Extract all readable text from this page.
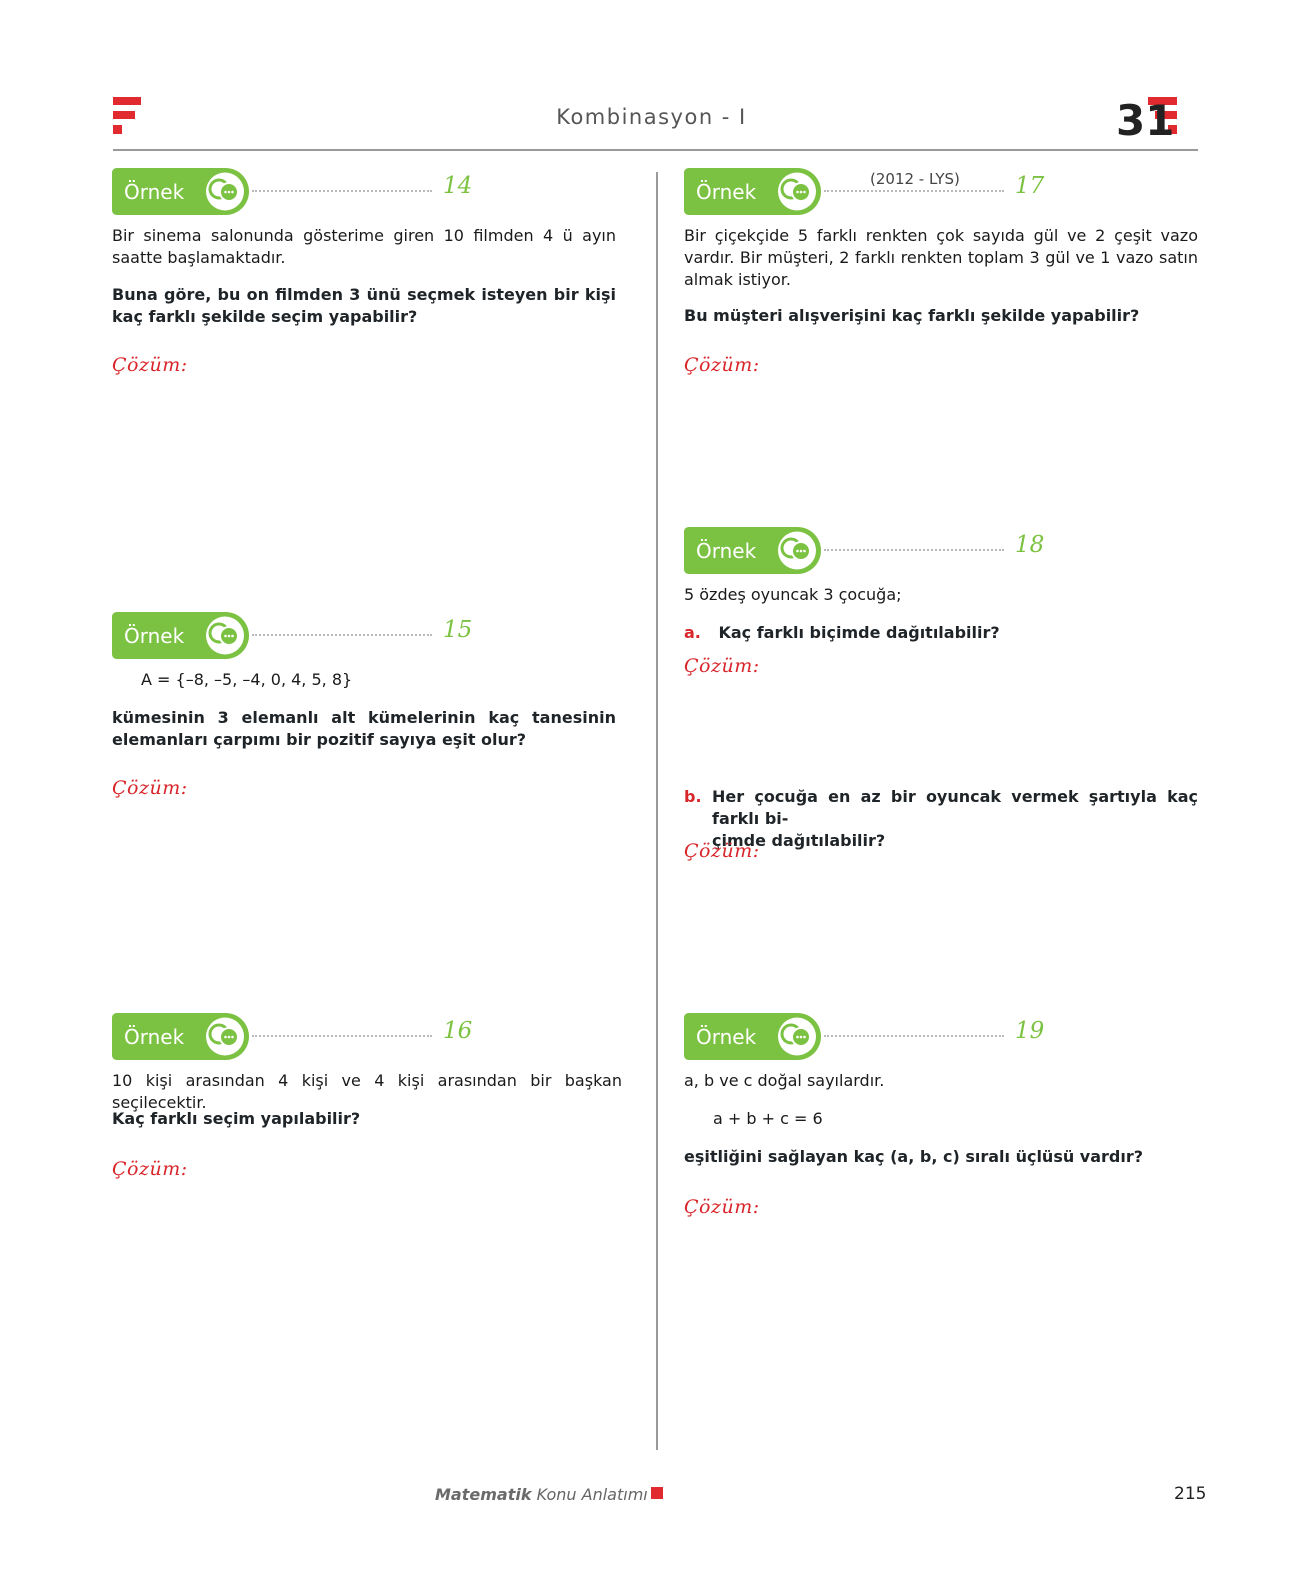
Kombinasyon - I	31
Örnek	14

Bir sinema salonunda gösterime giren 10 filmden 4 ü ayın saatte başlamaktadır.

Buna göre, bu on filmden 3 ünü seçmek isteyen bir kişi kaç farklı şekilde seçim yapabilir?

Çözüm:
Örnek	15

A = {–8, –5, –4, 0, 4, 5, 8}

kümesinin 3 elemanlı alt kümelerinin kaç tanesinin elemanları çarpımı bir pozitif sayıya eşit olur?

Çözüm:
Örnek	16

10 kişi arasından 4 kişi ve 4 kişi arasından bir başkan seçilecektir.

Kaç farklı seçim yapılabilir?

Çözüm:
Örnek
(2012 - LYS) 17

Bir çiçekçide 5 farklı renkten çok sayıda gül ve 2 çeşit vazo vardır. Bir müşteri, 2 farklı renkten toplam 3 gül ve 1 vazo satın almak istiyor.

Bu müşteri alışverişini kaç farklı şekilde yapabilir?

Çözüm:
Örnek	18

5 özdeş oyuncak 3 çocuğa;

a. Kaç farklı biçimde dağıtılabilir?

Çözüm:
b. Her çocuğa en az bir oyuncak vermek şartıyla kaç farklı bi-
çimde dağıtılabilir?
Çözüm:
Örnek	19

a, b ve c doğal sayılardır.

a + b + c = 6

eşitliğini sağlayan kaç (a, b, c) sıralı üçlüsü vardır?

Çözüm:
Matematik Konu Anlatımı	215
